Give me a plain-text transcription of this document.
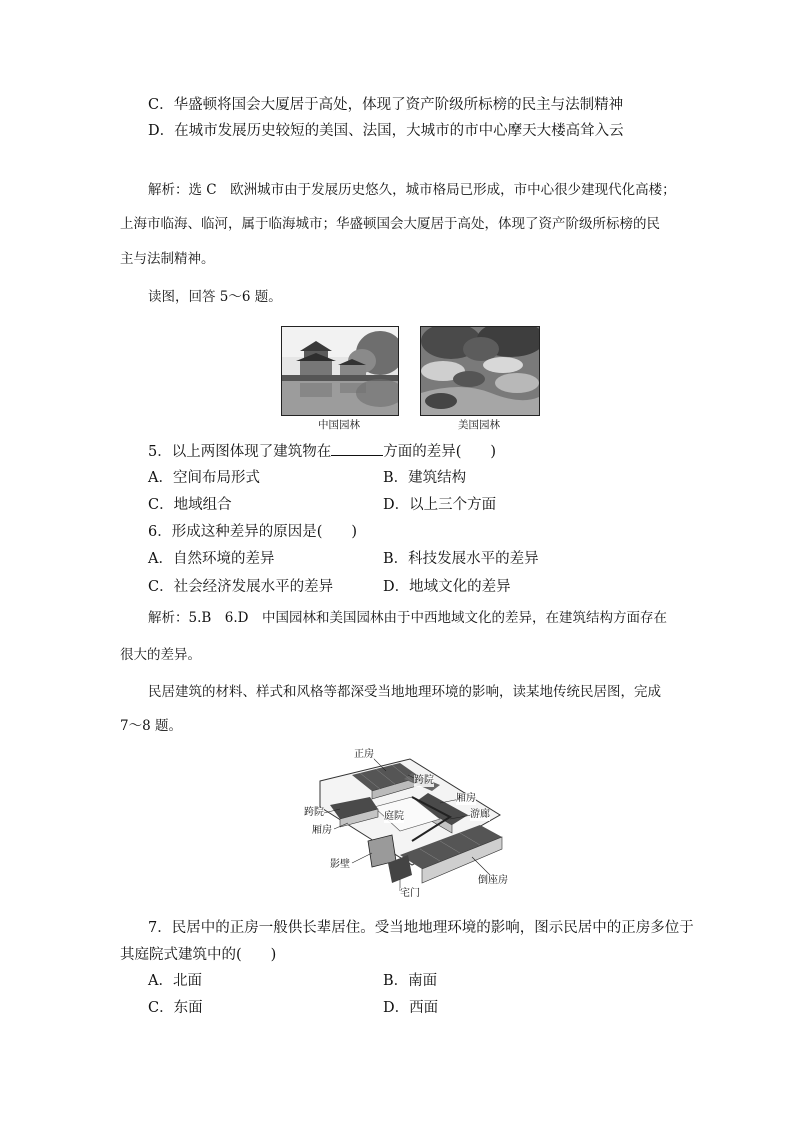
C．华盛顿将国会大厦居于高处，体现了资产阶级所标榜的民主与法制精神
D．在城市发展历史较短的美国、法国，大城市的市中心摩天大楼高耸入云
解析：选 C　欧洲城市由于发展历史悠久，城市格局已形成，市中心很少建现代化高楼；
上海市临海、临河，属于临海城市；华盛顿国会大厦居于高处，体现了资产阶级所标榜的民
主与法制精神。
读图，回答 5～6 题。
中国园林	美国园林
5．以上两图体现了建筑物在	方面的差异(　　)
A．空间布局形式	B．建筑结构
C．地域组合	D．以上三个方面
6．形成这种差异的原因是(　　)
A．自然环境的差异	B．科技发展水平的差异
C．社会经济发展水平的差异	D．地域文化的差异
解析：5.B　6.D　中国园林和美国园林由于中西地域文化的差异，在建筑结构方面存在
很大的差异。
民居建筑的材料、样式和风格等都深受当地地理环境的影响，读某地传统民居图，完成
7～8 题。
正房
跨院
厢房
游廊
跨院	庭院
厢房
影壁
倒座房
宅门
7．民居中的正房一般供长辈居住。受当地地理环境的影响，图示民居中的正房多位于
其庭院式建筑中的(　　)
A．北面	B．南面
C．东面	D．西面
